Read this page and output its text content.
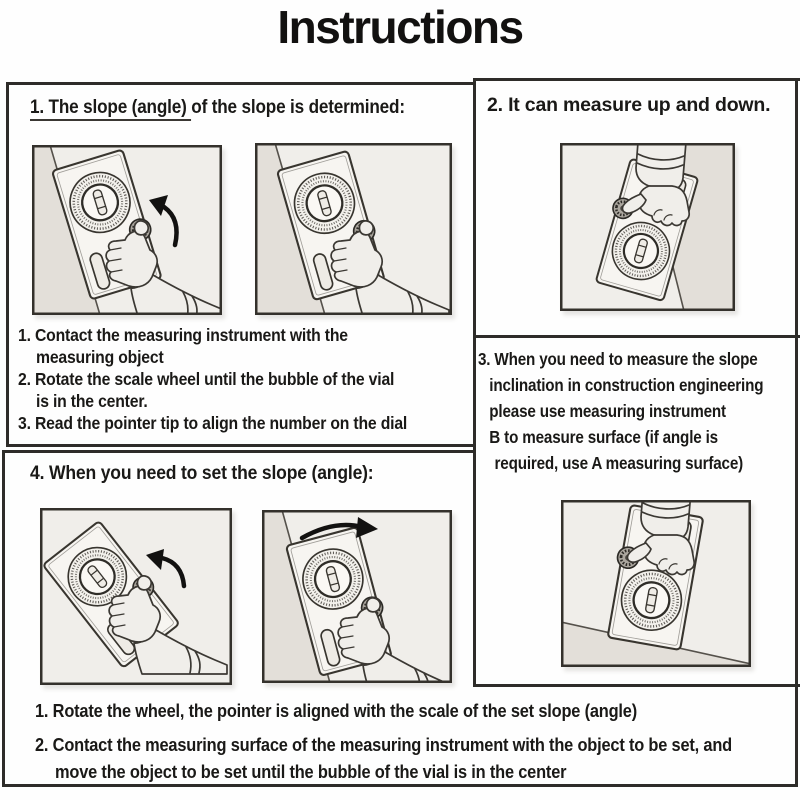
Instructions
1. The slope (angle) of the slope is determined:
1. Contact the measuring instrument with the
measuring object
2. Rotate the scale wheel until the bubble of the vial
is in the center.
3. Read the pointer tip to align the number on the dial
4. When you need to set the slope (angle):
2. It can measure up and down.
3. When you need to measure the slope
inclination in construction engineering
please use measuring instrument
B to measure surface (if angle is
required, use A measuring surface)
1. Rotate the wheel, the pointer is aligned with the scale of the set slope (angle)
2. Contact the measuring surface of the measuring instrument with the object to be set, and
move the object to be set until the bubble of the vial is in the center
